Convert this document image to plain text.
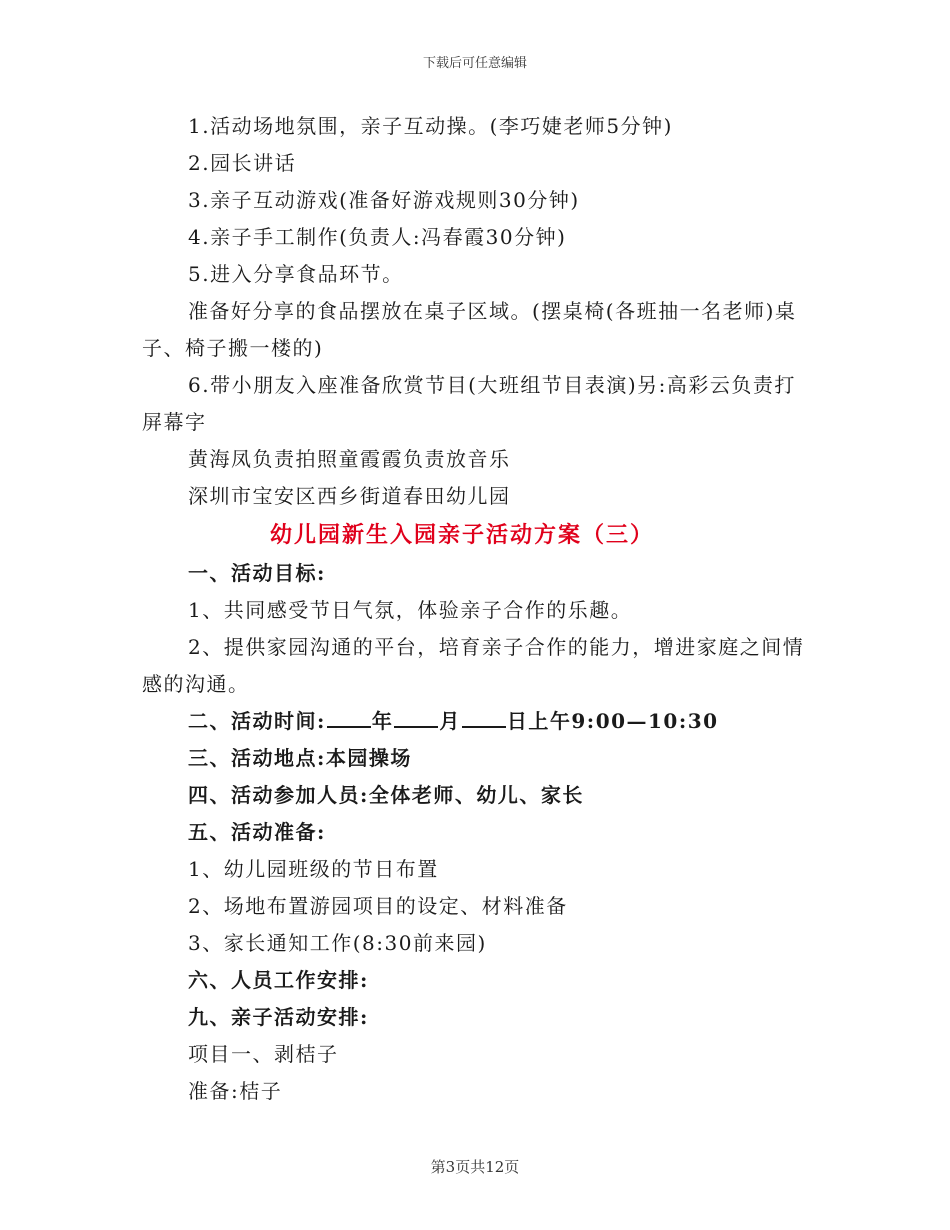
下载后可任意编辑
1.活动场地氛围，亲子互动操。(李巧婕老师5分钟)
2.园长讲话
3.亲子互动游戏(准备好游戏规则30分钟)
4.亲子手工制作(负责人:冯春霞30分钟)
5.进入分享食品环节。
准备好分享的食品摆放在桌子区域。(摆桌椅(各班抽一名老师)桌子、椅子搬一楼的)
6.带小朋友入座准备欣赏节目(大班组节目表演)另:高彩云负责打屏幕字
黄海凤负责拍照童霞霞负责放音乐
深圳市宝安区西乡街道春田幼儿园
幼儿园新生入园亲子活动方案（三）
一、活动目标:
1、共同感受节日气氛，体验亲子合作的乐趣。
2、提供家园沟通的平台，培育亲子合作的能力，增进家庭之间情感的沟通。
二、活动时间: 年 月 日上午9:00—10:30
三、活动地点:本园操场
四、活动参加人员:全体老师、幼儿、家长
五、活动准备:
1、幼儿园班级的节日布置
2、场地布置游园项目的设定、材料准备
3、家长通知工作(8:30前来园)
六、人员工作安排:
九、亲子活动安排:
项目一、剥桔子
准备:桔子
第3页共12页
